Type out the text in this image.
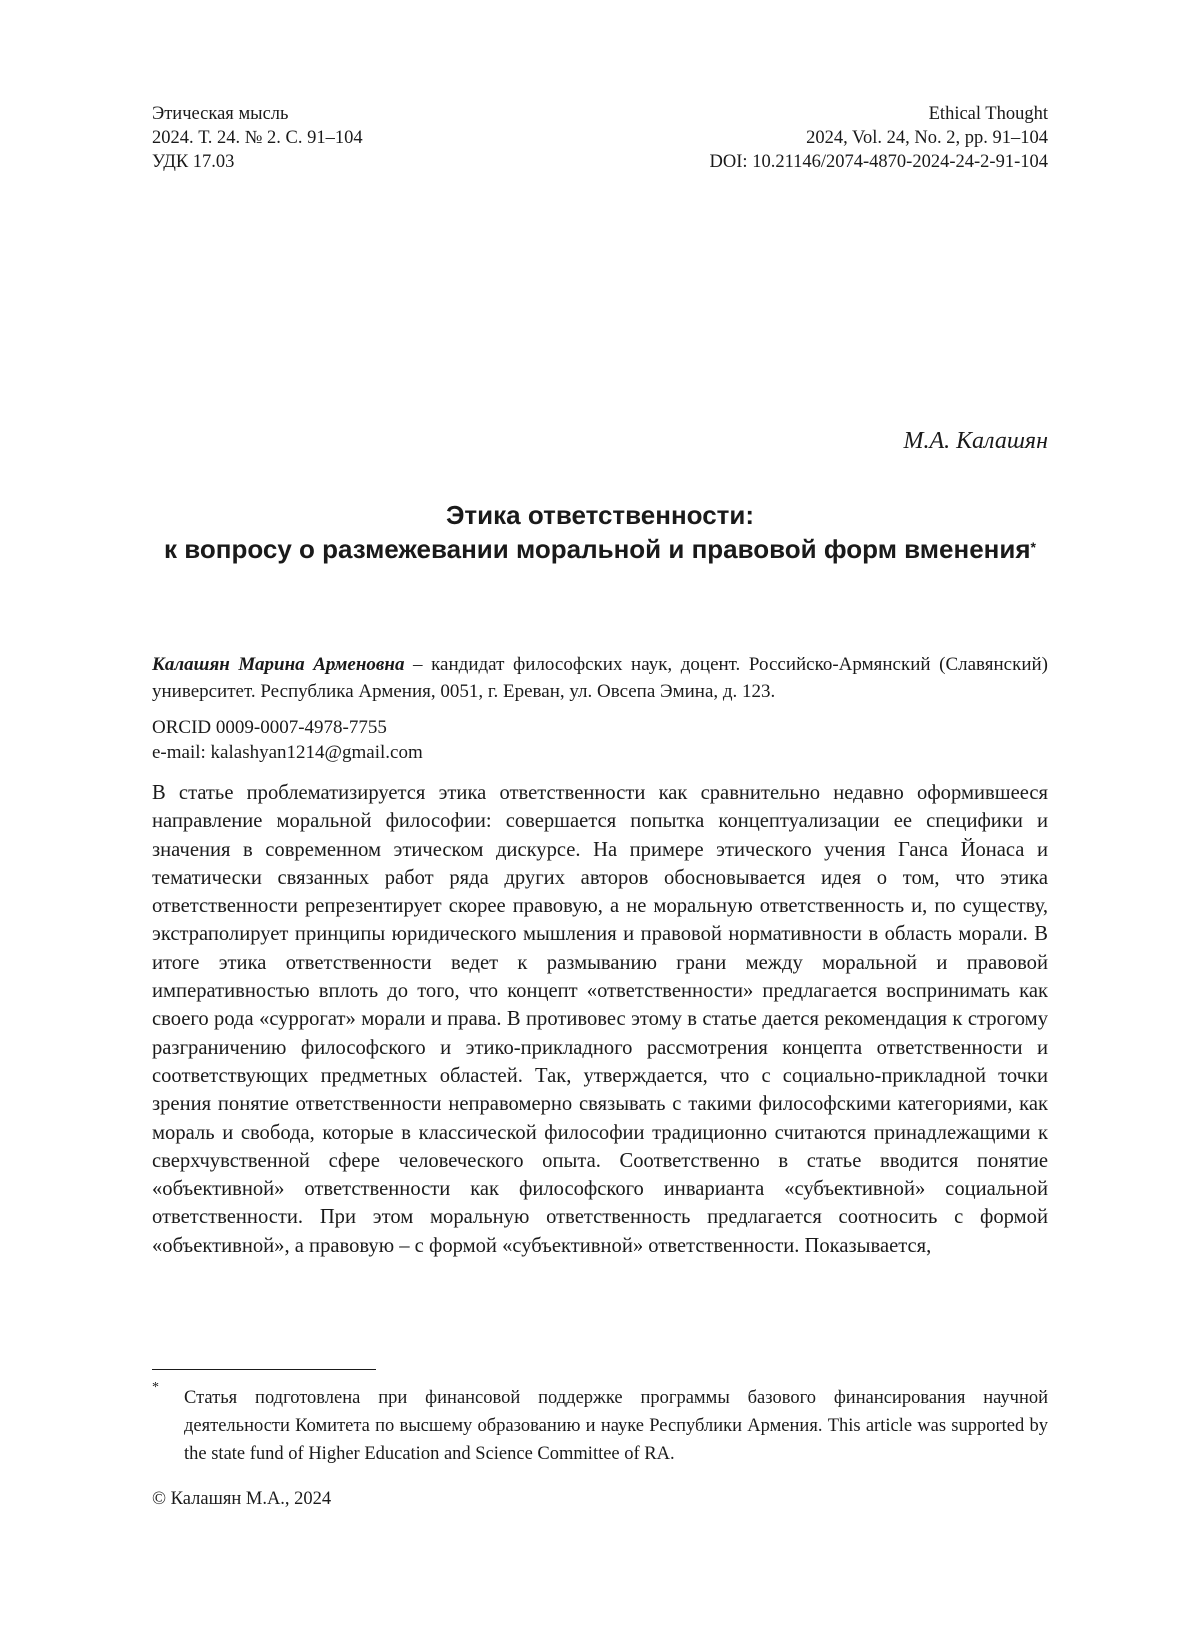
Этическая мысль
2024. Т. 24. № 2. С. 91–104
УДК 17.03
Ethical Thought
2024, Vol. 24, No. 2, pp. 91–104
DOI: 10.21146/2074-4870-2024-24-2-91-104
М.А. Калашян
Этика ответственности:
к вопросу о размежевании моральной и правовой форм вменения*
Калашян Марина Арменовна – кандидат философских наук, доцент. Российско-Армянский (Славянский) университет. Республика Армения, 0051, г. Ереван, ул. Овсепа Эмина, д. 123.
ORCID 0009-0007-4978-7755
e-mail: kalashyan1214@gmail.com
В статье проблематизируется этика ответственности как сравнительно недавно оформившееся направление моральной философии: совершается попытка концептуализации ее специфики и значения в современном этическом дискурсе. На примере этического учения Ганса Йонаса и тематически связанных работ ряда других авторов обосновывается идея о том, что этика ответственности репрезентирует скорее правовую, а не моральную ответственность и, по существу, экстраполирует принципы юридического мышления и правовой нормативности в область морали. В итоге этика ответственности ведет к размыванию грани между моральной и правовой императивностью вплоть до того, что концепт «ответственности» предлагается воспринимать как своего рода «суррогат» морали и права. В противовес этому в статье дается рекомендация к строгому разграничению философского и этико-прикладного рассмотрения концепта ответственности и соответствующих предметных областей. Так, утверждается, что с социально-прикладной точки зрения понятие ответственности неправомерно связывать с такими философскими категориями, как мораль и свобода, которые в классической философии традиционно считаются принадлежащими к сверхчувственной сфере человеческого опыта. Соответственно в статье вводится понятие «объективной» ответственности как философского инварианта «субъективной» социальной ответственности. При этом моральную ответственность предлагается соотносить с формой «объективной», а правовую – с формой «субъективной» ответственности. Показывается,
*
Статья подготовлена при финансовой поддержке программы базового финансирования научной деятельности Комитета по высшему образованию и науке Республики Армения. This article was supported by the state fund of Higher Education and Science Committee of RA.
© Калашян М.А., 2024
